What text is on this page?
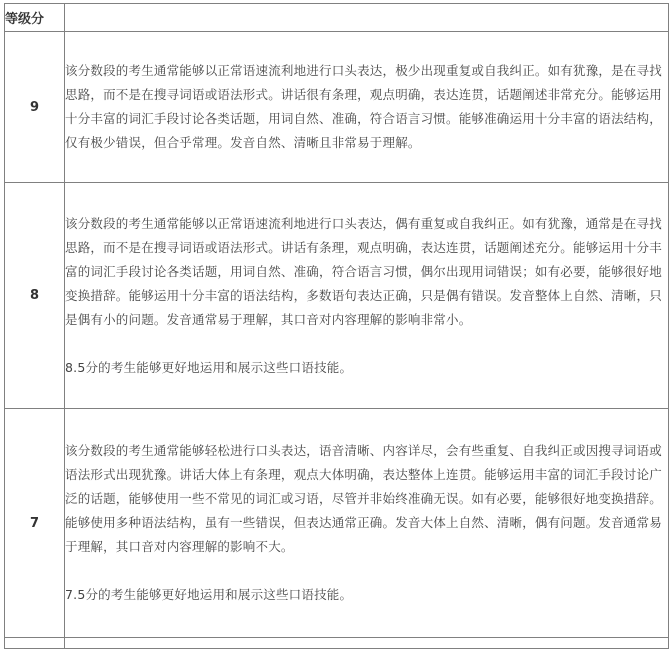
等级分	
9	该分数段的考生通常能够以正常语速流利地进行口头表达，极少出现重复或自我纠正。如有犹豫，是在寻找思路，而不是在搜寻词语或语法形式。讲话很有条理，观点明确，表达连贯，话题阐述非常充分。能够运用十分丰富的词汇手段讨论各类话题，用词自然、准确，符合语言习惯。能够准确运用十分丰富的语法结构，仅有极少错误，但合乎常理。发音自然、清晰且非常易于理解。

8	该分数段的考生通常能够以正常语速流利地进行口头表达，偶有重复或自我纠正。如有犹豫，通常是在寻找思路，而不是在搜寻词语或语法形式。讲话有条理，观点明确，表达连贯，话题阐述充分。能够运用十分丰富的词汇手段讨论各类话题，用词自然、准确，符合语言习惯，偶尔出现用词错误；如有必要，能够很好地变换措辞。能够运用十分丰富的语法结构，多数语句表达正确，只是偶有错误。发音整体上自然、清晰，只是偶有小的问题。发音通常易于理解，其口音对内容理解的影响非常小。

8.5分的考生能够更好地运用和展示这些口语技能。

7	该分数段的考生通常能够轻松进行口头表达，语音清晰、内容详尽，会有些重复、自我纠正或因搜寻词语或语法形式出现犹豫。讲话大体上有条理，观点大体明确，表达整体上连贯。能够运用丰富的词汇手段讨论广泛的话题，能够使用一些不常见的词汇或习语，尽管并非始终准确无误。如有必要，能够很好地变换措辞。能够使用多种语法结构，虽有一些错误，但表达通常正确。发音大体上自然、清晰，偶有问题。发音通常易于理解，其口音对内容理解的影响不大。

7.5分的考生能够更好地运用和展示这些口语技能。
